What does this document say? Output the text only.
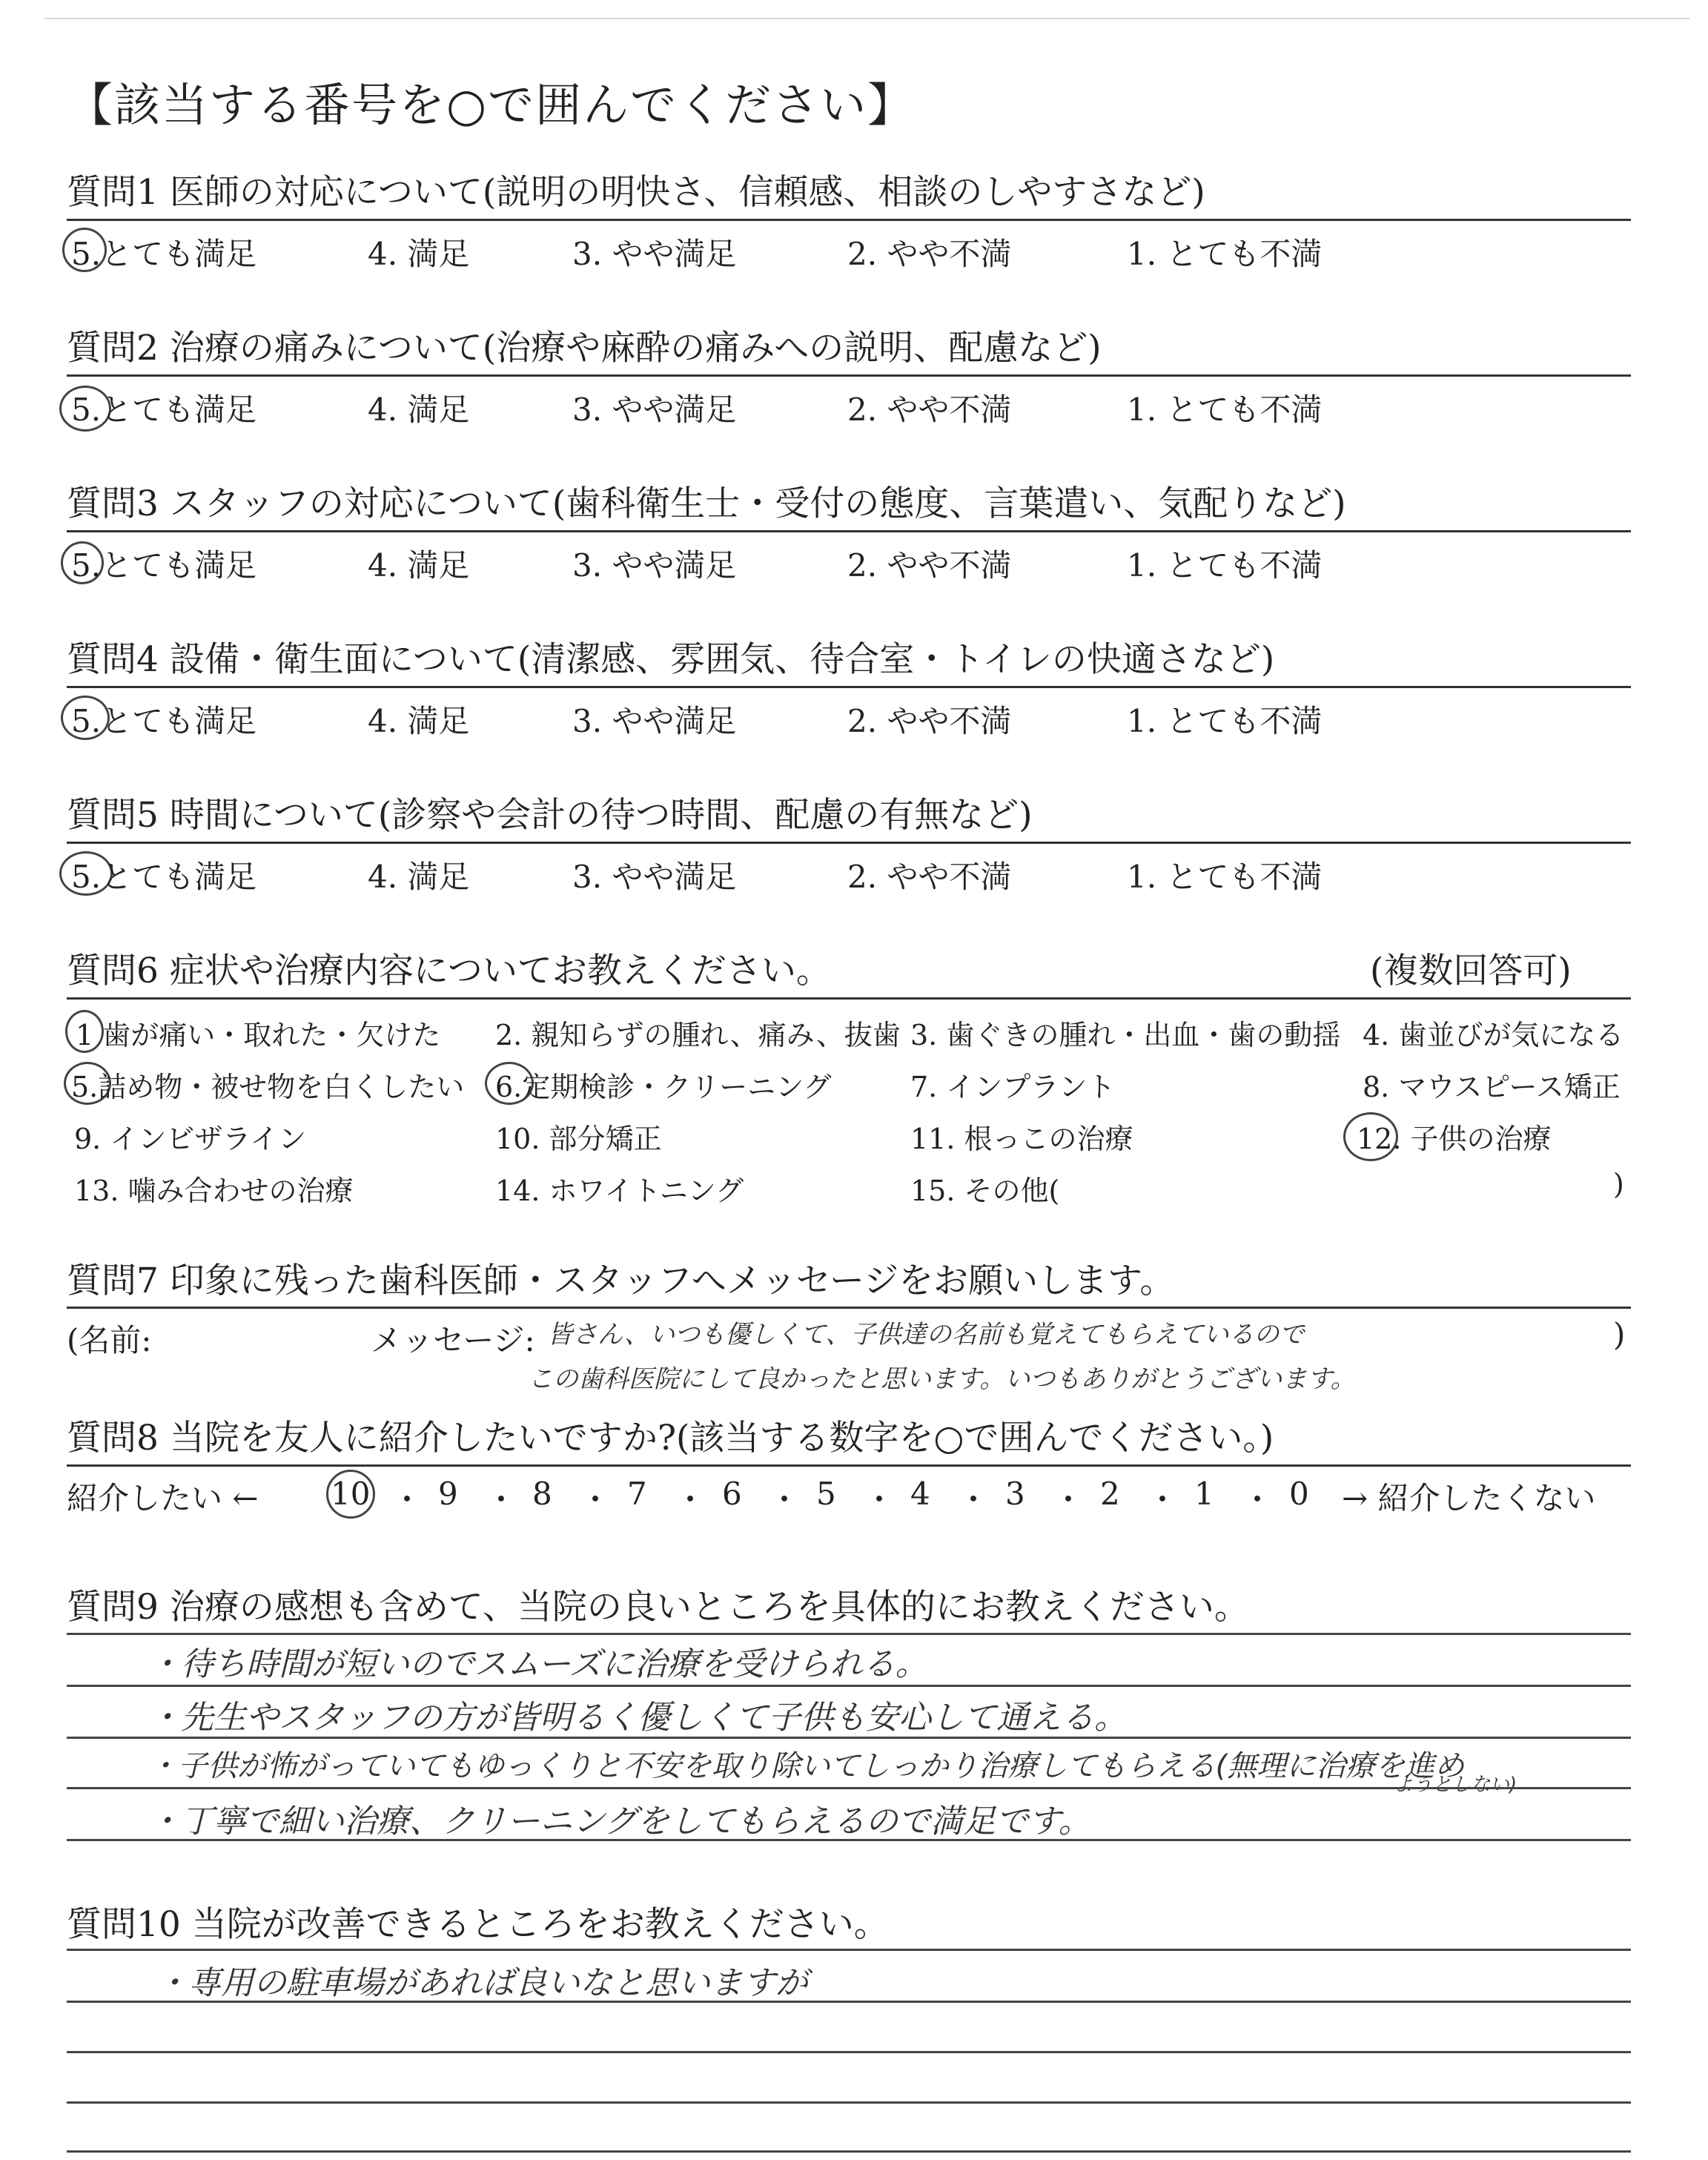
【該当する番号を○で囲んでください】
質問1 医師の対応について(説明の明快さ、信頼感、相談のしやすさなど)
5.とても満足	4. 満足	3. やや満足	2. やや不満	1. とても不満
質問2 治療の痛みについて(治療や麻酔の痛みへの説明、配慮など)
5.とても満足	4. 満足	3. やや満足	2. やや不満	1. とても不満
質問3 スタッフの対応について(歯科衛生士・受付の態度、言葉遣い、気配りなど)
5.とても満足	4. 満足	3. やや満足	2. やや不満	1. とても不満
質問4 設備・衛生面について(清潔感、雰囲気、待合室・トイレの快適さなど)
5.とても満足	4. 満足	3. やや満足	2. やや不満	1. とても不満
質問5 時間について(診察や会計の待つ時間、配慮の有無など)
5.とても満足	4. 満足	3. やや満足	2. やや不満	1. とても不満
質問6 症状や治療内容についてお教えください。	(複数回答可)
1 歯が痛い・取れた・欠けた 2. 親知らずの腫れ、痛み、抜歯 3. 歯ぐきの腫れ・出血・歯の動揺 4. 歯並びが気になる
5.詰め物・被せ物を白くしたい 6.定期検診・クリーニング	7. インプラント	8. マウスピース矯正
9. インビザライン	10. 部分矯正	11. 根っこの治療	12. 子供の治療
13. 噛み合わせの治療	14. ホワイトニング	15. その他(	)
質問7 印象に残った歯科医師・スタッフへメッセージをお願いします。
(名前:	メッセージ: 皆さん、いつも優しくて、子供達の名前も覚えてもらえているので
この歯科医院にして良かったと思います。いつもありがとうございます。
)
質問8 当院を友人に紹介したいですか?(該当する数字を○で囲んでください。)
紹介したい ← 10 ・ 9 ・ 8 ・ 7 ・ 6 ・ 5 ・ 4 ・ 3 ・ 2 ・ 1 ・ 0 → 紹介したくない
質問9 治療の感想も含めて、当院の良いところを具体的にお教えください。
・待ち時間が短いのでスムーズに治療を受けられる。
・先生やスタッフの方が皆明るく優しくて子供も安心して通える。
・子供が怖がっていてもゆっくりと不安を取り除いてしっかり治療してもらえる(無理に治療を進め
ようとしない)
・丁寧で細い治療、クリーニングをしてもらえるので満足です。
質問10 当院が改善できるところをお教えください。
・専用の駐車場があれば良いなと思いますが
